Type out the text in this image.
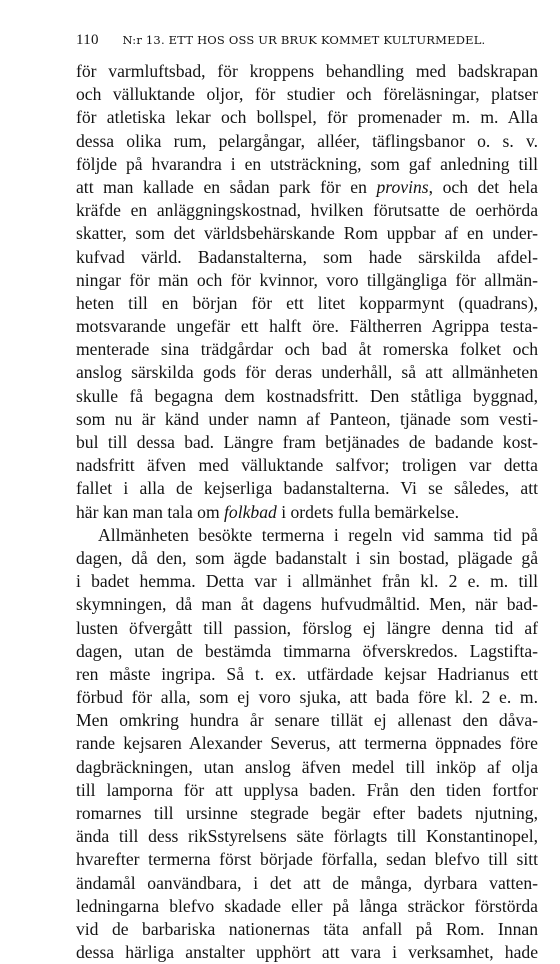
110 N:r 13. ETT HOS OSS UR BRUK KOMMET KULTURMEDEL.
för varmluftsbad, för kroppens behandling med badskrapan
och välluktande oljor, för studier och föreläsningar, platser
för atletiska lekar och bollspel, för promenader m. m. Alla
dessa olika rum, pelargångar, alléer, täflingsbanor o. s. v.
följde på hvarandra i en utsträckning, som gaf anledning till
att man kallade en sådan park för en provins, och det hela
kräfde en anläggningskostnad, hvilken förutsatte de oerhörda
skatter, som det världsbehärskande Rom uppbar af en under-
kufvad värld. Badanstalterna, som hade särskilda afdel-
ningar för män och för kvinnor, voro tillgängliga för allmän-
heten till en början för ett litet kopparmynt (quadrans),
motsvarande ungefär ett halft öre. Fältherren Agrippa testa-
menterade sina trädgårdar och bad åt romerska folket och
anslog särskilda gods för deras underhåll, så att allmänheten
skulle få begagna dem kostnadsfritt. Den ståtliga byggnad,
som nu är känd under namn af Panteon, tjänade som vesti-
bul till dessa bad. Längre fram betjänades de badande kost-
nadsfritt äfven med välluktande salfvor; troligen var detta
fallet i alla de kejserliga badanstalterna. Vi se således, att
här kan man tala om folkbad i ordets fulla bemärkelse.
Allmänheten besökte termerna i regeln vid samma tid på
dagen, då den, som ägde badanstalt i sin bostad, plägade gå
i badet hemma. Detta var i allmänhet från kl. 2 e. m. till
skymningen, då man åt dagens hufvudmåltid. Men, när bad-
lusten öfvergått till passion, förslog ej längre denna tid af
dagen, utan de bestämda timmarna öfverskredos. Lagstifta-
ren måste ingripa. Så t. ex. utfärdade kejsar Hadrianus ett
förbud för alla, som ej voro sjuka, att bada före kl. 2 e. m.
Men omkring hundra år senare tillät ej allenast den dåva-
rande kejsaren Alexander Severus, att termerna öppnades före
dagbräckningen, utan anslog äfven medel till inköp af olja
till lamporna för att upplysa baden. Från den tiden fortfor
romarnes till ursinne stegrade begär efter badets njutning,
ända till dess rikSstyrelsens säte förlagts till Konstantinopel,
hvarefter termerna först började förfalla, sedan blefvo till sitt
ändamål oanvändbara, i det att de många, dyrbara vatten-
ledningarna blefvo skadade eller på långa sträckor förstörda
vid de barbariska nationernas täta anfall på Rom. Innan
dessa härliga anstalter upphört att vara i verksamhet, hade
